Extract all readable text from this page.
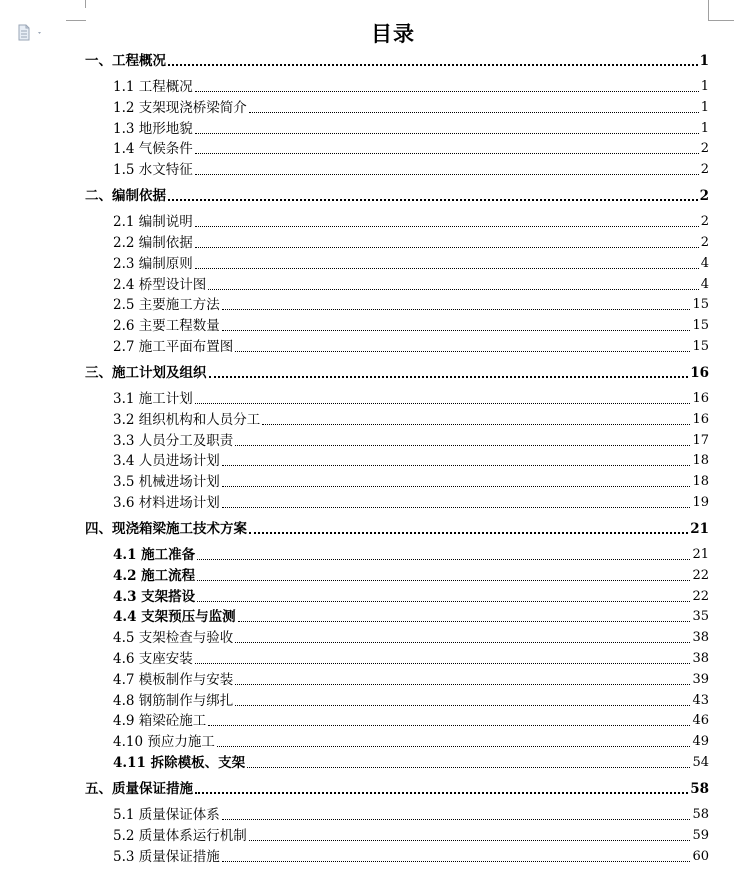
目录
一、工程概况	1
1.1 工程概况	1
1.2 支架现浇桥梁简介	1
1.3 地形地貌	1
1.4 气候条件	2
1.5 水文特征	2
二、编制依据	2
2.1 编制说明	2
2.2 编制依据	2
2.3 编制原则	4
2.4 桥型设计图	4
2.5 主要施工方法	15
2.6 主要工程数量	15
2.7 施工平面布置图	15
三、施工计划及组织	16
3.1 施工计划	16
3.2 组织机构和人员分工	16
3.3 人员分工及职责	17
3.4 人员进场计划	18
3.5 机械进场计划	18
3.6 材料进场计划	19
四、现浇箱梁施工技术方案	21
4.1 施工准备	21
4.2 施工流程	22
4.3 支架搭设	22
4.4 支架预压与监测	35
4.5 支架检查与验收	38
4.6 支座安装	38
4.7 模板制作与安装	39
4.8 钢筋制作与绑扎	43
4.9 箱梁砼施工	46
4.10 预应力施工	49
4.11 拆除模板、支架	54
五、质量保证措施	58
5.1 质量保证体系	58
5.2 质量体系运行机制	59
5.3 质量保证措施	60
